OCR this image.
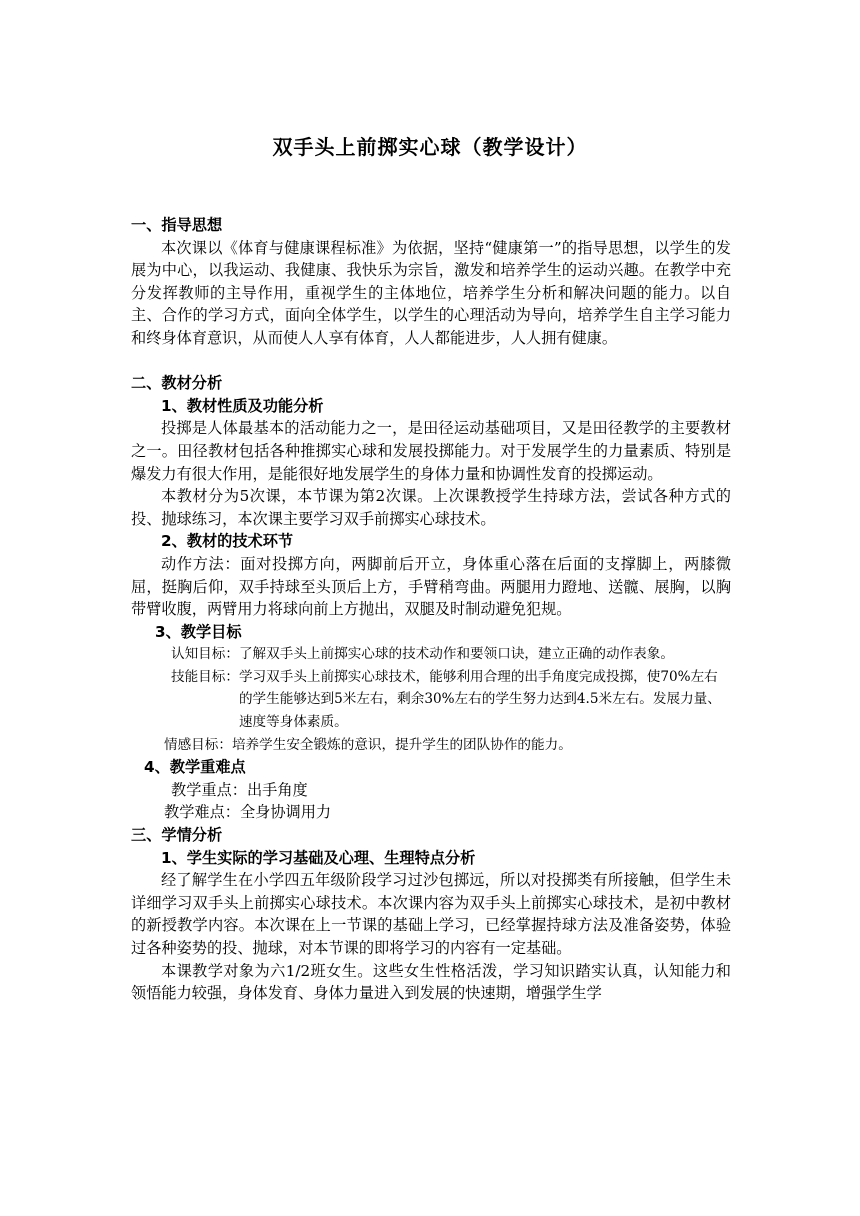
双手头上前掷实心球（教学设计）
一、指导思想
本次课以《体育与健康课程标准》为依据，坚持“健康第一”的指导思想，以学生的发展为中心，以我运动、我健康、我快乐为宗旨，激发和培养学生的运动兴趣。在教学中充分发挥教师的主导作用，重视学生的主体地位，培养学生分析和解决问题的能力。以自主、合作的学习方式，面向全体学生，以学生的心理活动为导向，培养学生自主学习能力和终身体育意识，从而使人人享有体育，人人都能进步，人人拥有健康。
二、教材分析
1、教材性质及功能分析
投掷是人体最基本的活动能力之一，是田径运动基础项目，又是田径教学的主要教材之一。田径教材包括各种推掷实心球和发展投掷能力。对于发展学生的力量素质、特别是爆发力有很大作用，是能很好地发展学生的身体力量和协调性发育的投掷运动。
本教材分为5次课，本节课为第2次课。上次课教授学生持球方法，尝试各种方式的投、抛球练习，本次课主要学习双手前掷实心球技术。
2、教材的技术环节
动作方法：面对投掷方向，两脚前后开立，身体重心落在后面的支撑脚上，两膝微屈，挺胸后仰，双手持球至头顶后上方，手臂稍弯曲。两腿用力蹬地、送髋、展胸，以胸带臂收腹，两臂用力将球向前上方抛出，双腿及时制动避免犯规。
3、教学目标
认知目标： 了解双手头上前掷实心球的技术动作和要领口诀，建立正确的动作表象。
技能目标： 学习双手头上前掷实心球技术，能够利用合理的出手角度完成投掷，使70%左右的学生能够达到5米左右，剩余30%左右的学生努力达到4.5米左右。发展力量、速度等身体素质。
情感目标： 培养学生安全锻炼的意识，提升学生的团队协作的能力。
4、教学重难点
教学重点：出手角度
教学难点：全身协调用力
三、学情分析
1、学生实际的学习基础及心理、生理特点分析
经了解学生在小学四五年级阶段学习过沙包掷远，所以对投掷类有所接触，但学生未详细学习双手头上前掷实心球技术。本次课内容为双手头上前掷实心球技术，是初中教材的新授教学内容。本次课在上一节课的基础上学习，已经掌握持球方法及准备姿势，体验过各种姿势的投、抛球，对本节课的即将学习的内容有一定基础。
本课教学对象为六1/2班女生。这些女生性格活泼，学习知识踏实认真，认知能力和领悟能力较强，身体发育、身体力量进入到发展的快速期，增强学生学
